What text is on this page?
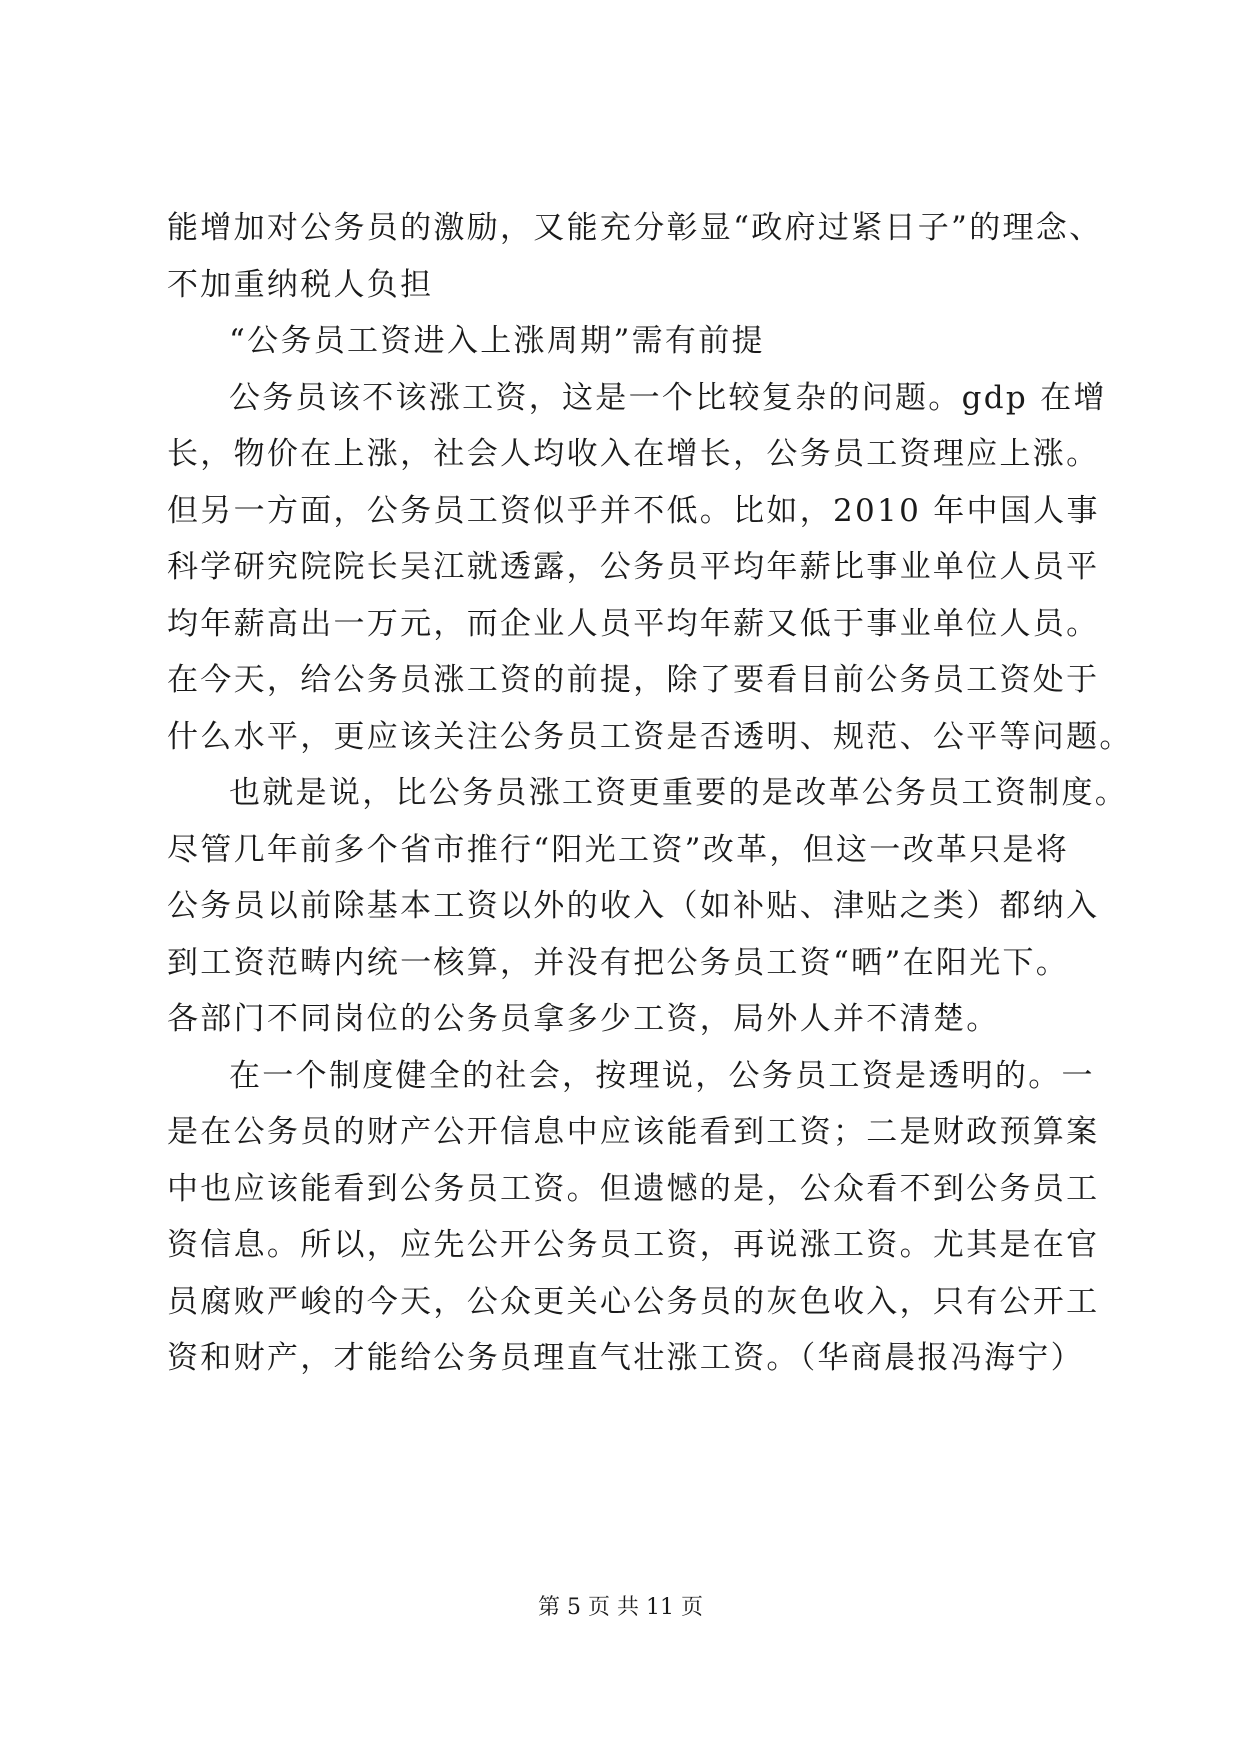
能增加对公务员的激励，又能充分彰显“政府过紧日子”的理念、
不加重纳税人负担
“公务员工资进入上涨周期”需有前提
公务员该不该涨工资，这是一个比较复杂的问题。gdp 在增
长，物价在上涨，社会人均收入在增长，公务员工资理应上涨。
但另一方面，公务员工资似乎并不低。比如，2010 年中国人事
科学研究院院长吴江就透露，公务员平均年薪比事业单位人员平
均年薪高出一万元，而企业人员平均年薪又低于事业单位人员。
在今天，给公务员涨工资的前提，除了要看目前公务员工资处于
什么水平，更应该关注公务员工资是否透明、规范、公平等问题。
也就是说，比公务员涨工资更重要的是改革公务员工资制度。
尽管几年前多个省市推行“阳光工资”改革，但这一改革只是将
公务员以前除基本工资以外的收入（如补贴、津贴之类）都纳入
到工资范畴内统一核算，并没有把公务员工资“晒”在阳光下。
各部门不同岗位的公务员拿多少工资，局外人并不清楚。
在一个制度健全的社会，按理说，公务员工资是透明的。一
是在公务员的财产公开信息中应该能看到工资；二是财政预算案
中也应该能看到公务员工资。但遗憾的是，公众看不到公务员工
资信息。所以，应先公开公务员工资，再说涨工资。尤其是在官
员腐败严峻的今天，公众更关心公务员的灰色收入，只有公开工
资和财产，才能给公务员理直气壮涨工资。（华商晨报冯海宁）
第 5 页 共 11 页
